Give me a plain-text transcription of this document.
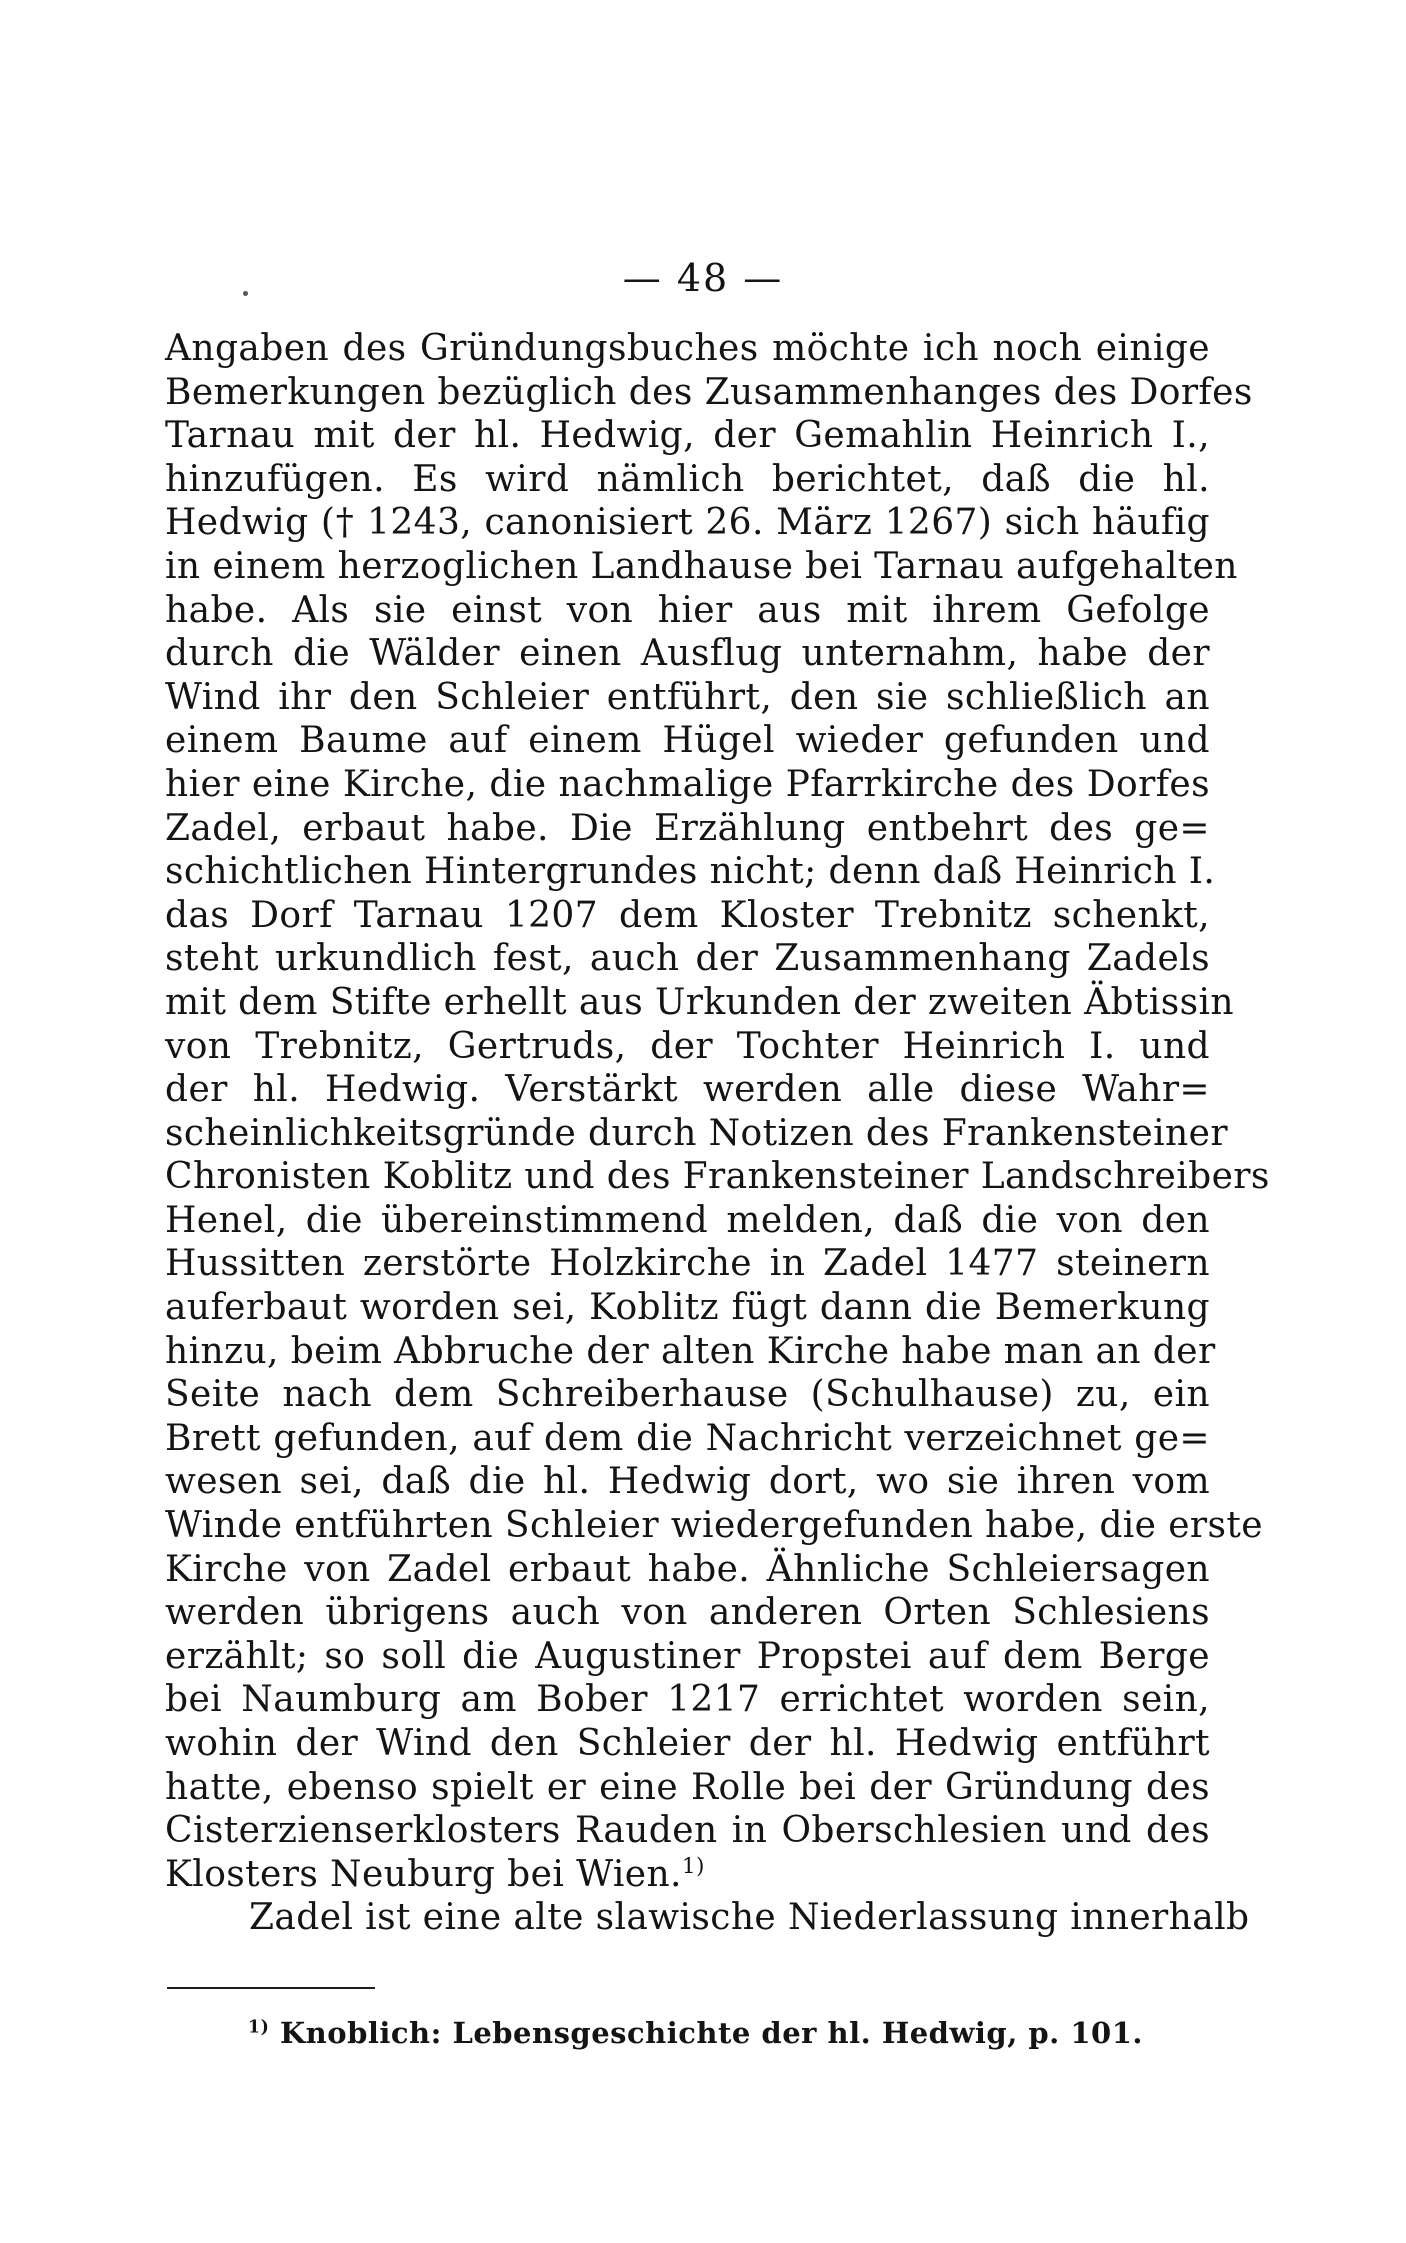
— 48 —
Angaben des Gründungsbuches möchte ich noch einige
Bemerkungen bezüglich des Zusammenhanges des Dorfes
Tarnau mit der hl. Hedwig, der Gemahlin Heinrich I.,
hinzufügen. Es wird nämlich berichtet, daß die hl.
Hedwig († 1243, canonisiert 26. März 1267) sich häufig
in einem herzoglichen Landhause bei Tarnau aufgehalten
habe. Als sie einst von hier aus mit ihrem Gefolge
durch die Wälder einen Ausflug unternahm, habe der
Wind ihr den Schleier entführt, den sie schließlich an
einem Baume auf einem Hügel wieder gefunden und
hier eine Kirche, die nachmalige Pfarrkirche des Dorfes
Zadel, erbaut habe. Die Erzählung entbehrt des ge=
schichtlichen Hintergrundes nicht; denn daß Heinrich I.
das Dorf Tarnau 1207 dem Kloster Trebnitz schenkt,
steht urkundlich fest, auch der Zusammenhang Zadels
mit dem Stifte erhellt aus Urkunden der zweiten Äbtissin
von Trebnitz, Gertruds, der Tochter Heinrich I. und
der hl. Hedwig. Verstärkt werden alle diese Wahr=
scheinlichkeitsgründe durch Notizen des Frankensteiner
Chronisten Koblitz und des Frankensteiner Landschreibers
Henel, die übereinstimmend melden, daß die von den
Hussitten zerstörte Holzkirche in Zadel 1477 steinern
auferbaut worden sei, Koblitz fügt dann die Bemerkung
hinzu, beim Abbruche der alten Kirche habe man an der
Seite nach dem Schreiberhause (Schulhause) zu, ein
Brett gefunden, auf dem die Nachricht verzeichnet ge=
wesen sei, daß die hl. Hedwig dort, wo sie ihren vom
Winde entführten Schleier wiedergefunden habe, die erste
Kirche von Zadel erbaut habe. Ähnliche Schleiersagen
werden übrigens auch von anderen Orten Schlesiens
erzählt; so soll die Augustiner Propstei auf dem Berge
bei Naumburg am Bober 1217 errichtet worden sein,
wohin der Wind den Schleier der hl. Hedwig entführt
hatte, ebenso spielt er eine Rolle bei der Gründung des
Cisterzienserklosters Rauden in Oberschlesien und des
Klosters Neuburg bei Wien.$^{1)}$
Zadel ist eine alte slawische Niederlassung innerhalb
$^{1)}$ Knoblich: Lebensgeschichte der hl. Hedwig, p. 101.
